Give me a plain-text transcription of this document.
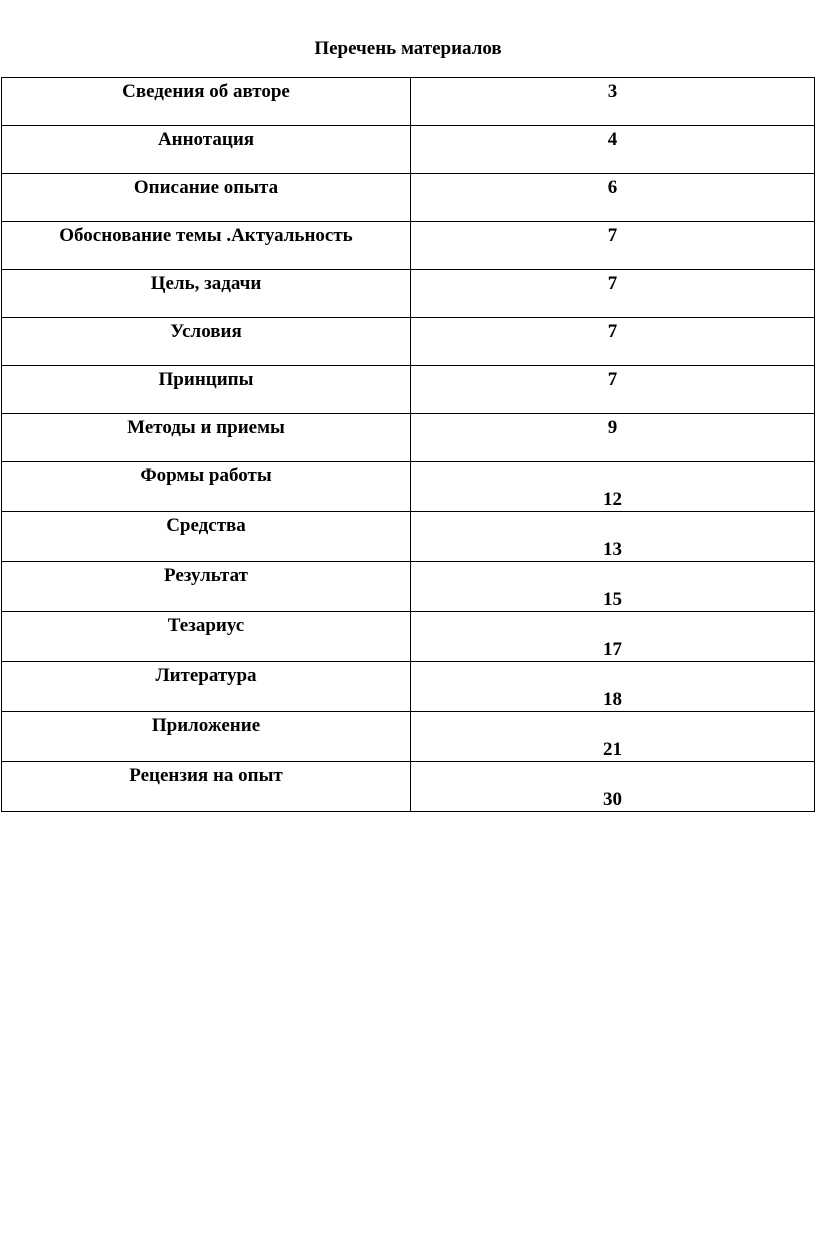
Перечень материалов
Сведения об авторе	3

Аннотация	4

Описание опыта	6

Обоснование темы .Актуальность	7

Цель, задачи	7

Условия	7

Принципы	7

Методы и приемы	9

Формы работы	12

Средства	13

Результат	15

Тезариус	17

Литература	18

Приложение	21

Рецензия на опыт	30
